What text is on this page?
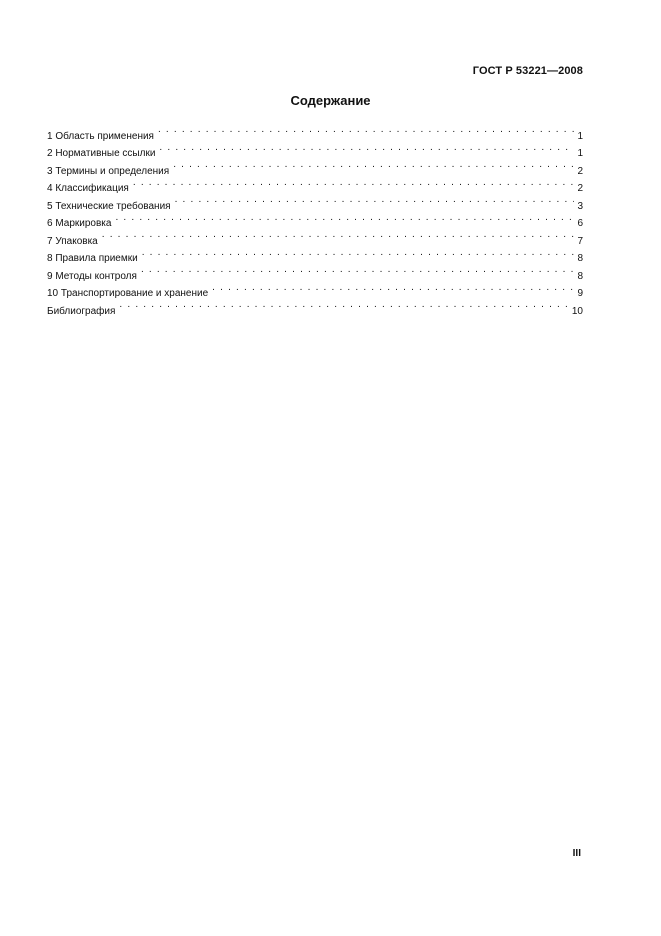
ГОСТ Р 53221—2008
Содержание
1 Область применения . . .	1
2 Нормативные ссылки . . .	1
3 Термины и определения . . .	2
4 Классификация . . .	2
5 Технические требования . . .	3
6 Маркировка . . .	6
7 Упаковка . . .	7
8 Правила приемки . . .	8
9 Методы контроля . . .	8
10 Транспортирование и хранение . . .	9
Библиография . . .	10
III
